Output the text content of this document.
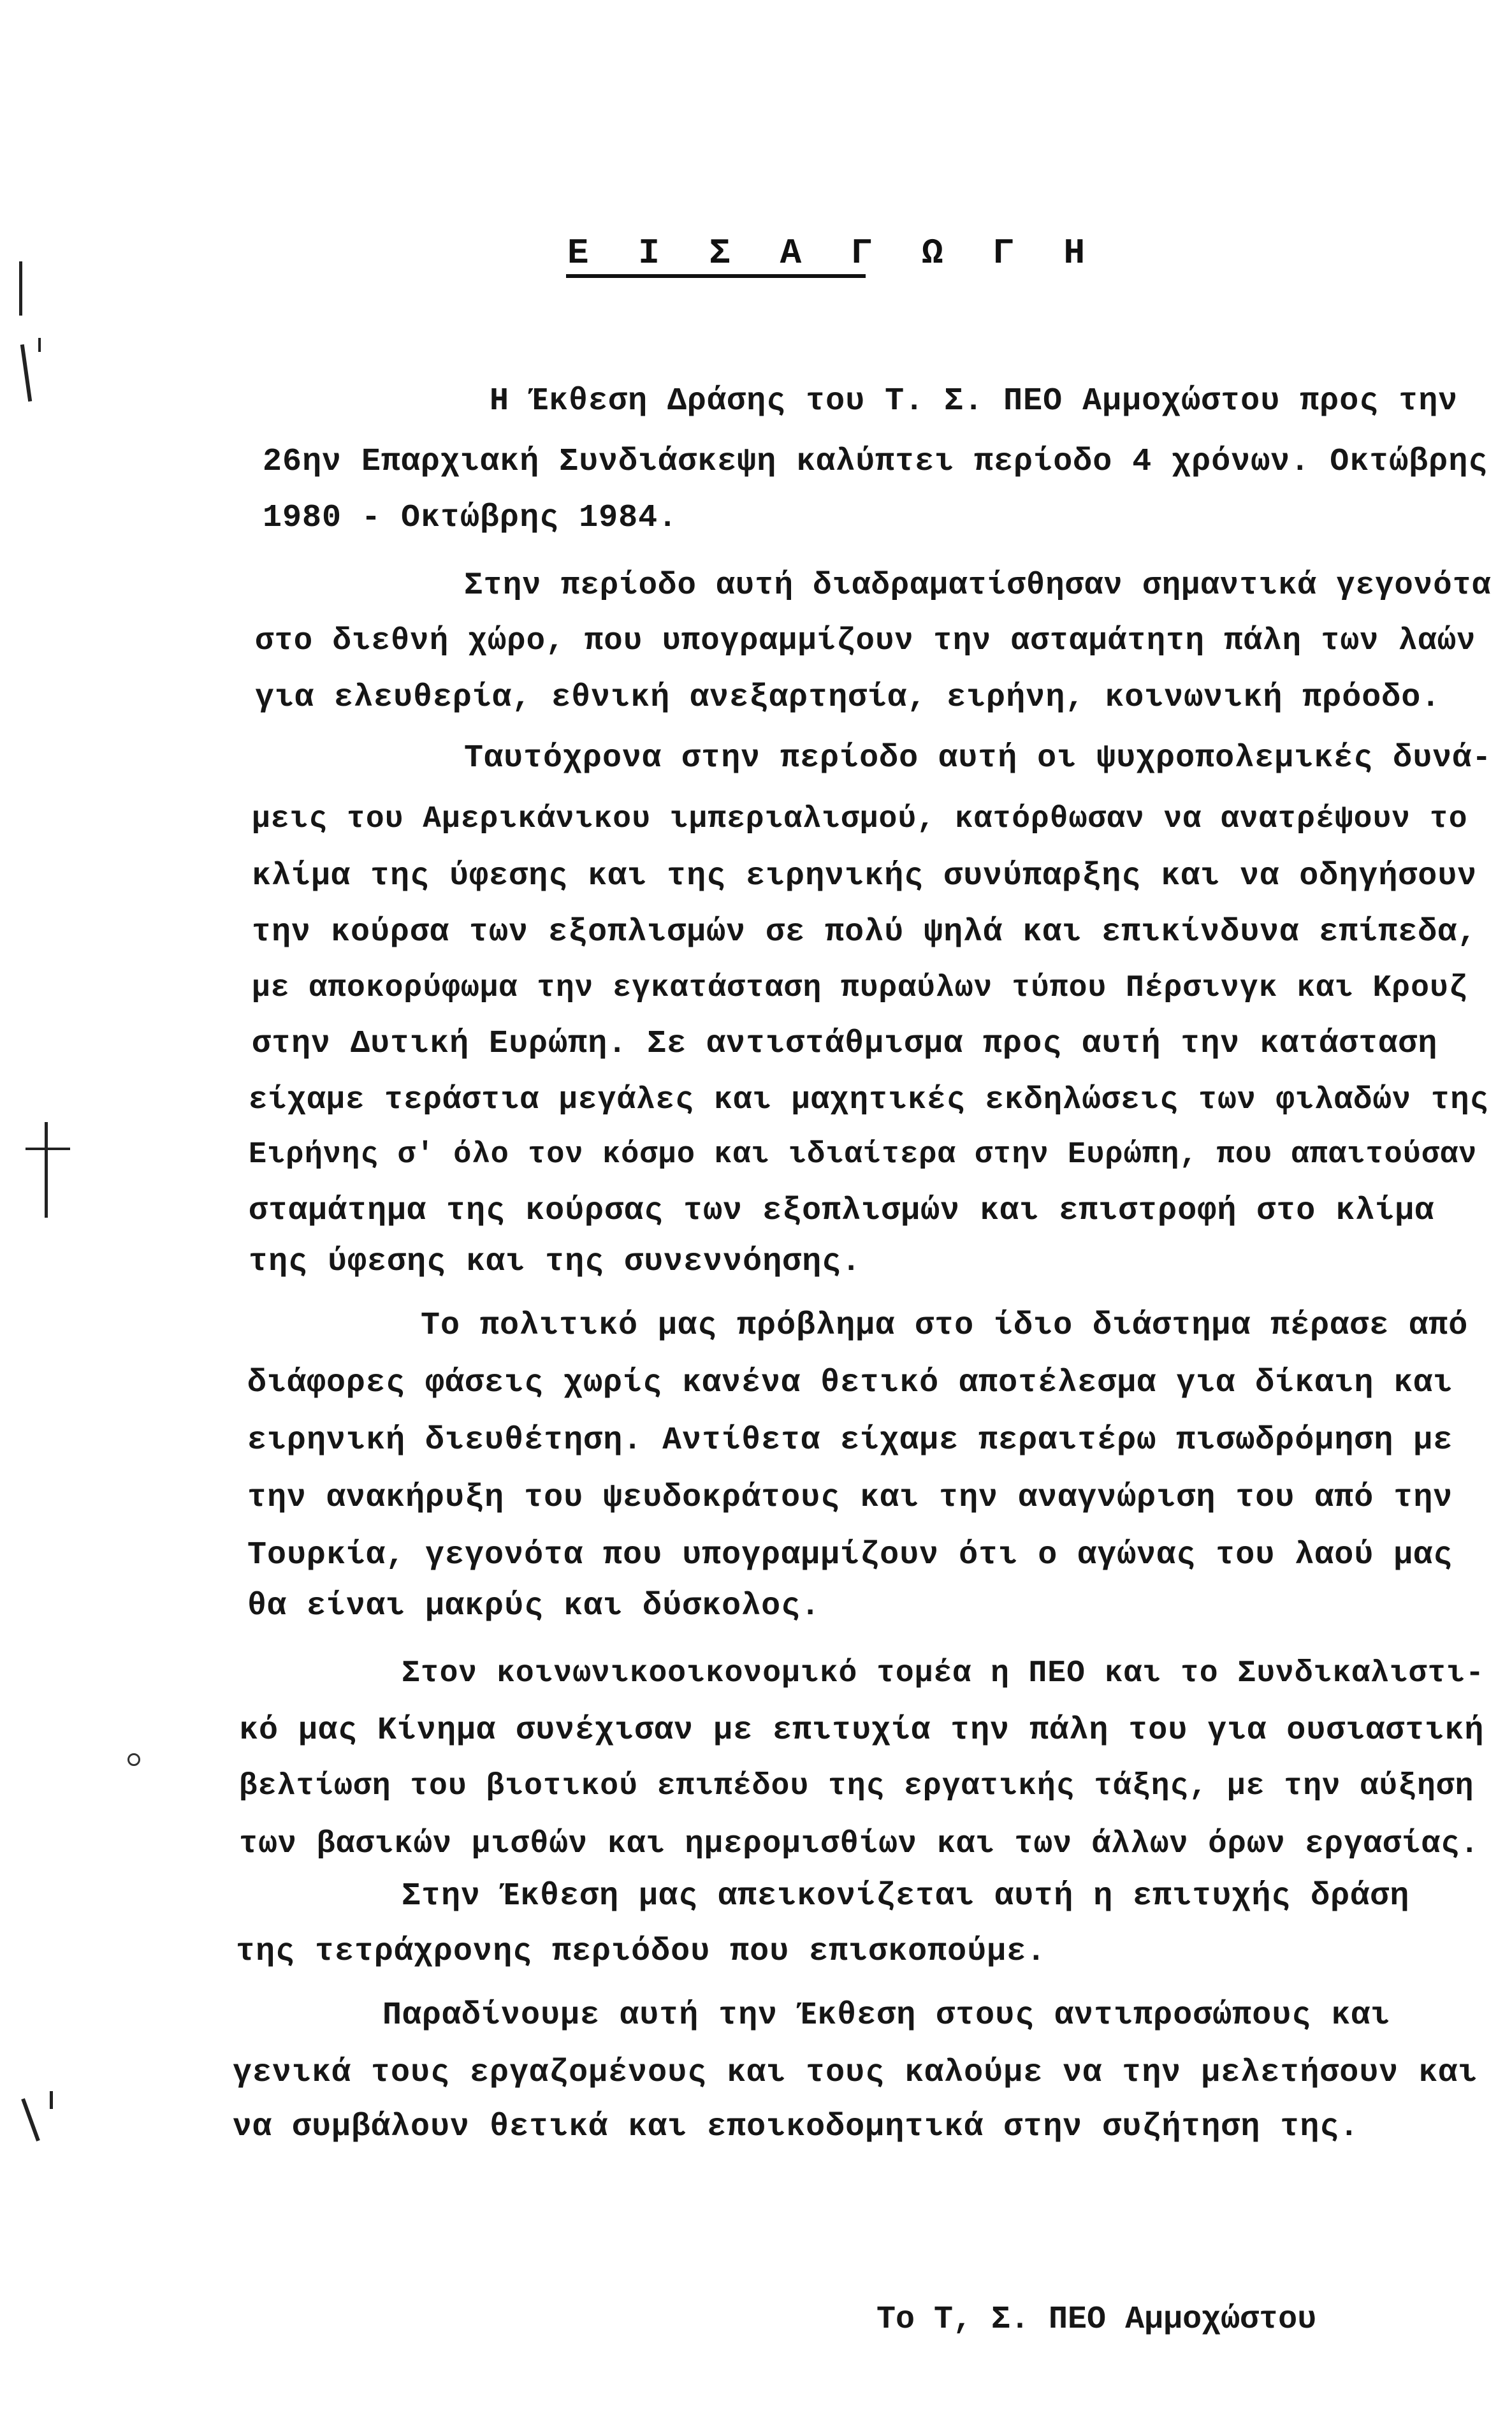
Ε Ι Σ Α Γ Ω Γ Η
Η Έκθεση Δράσης του Τ. Σ. ΠΕΟ Αμμοχώστου προς την
26ην Επαρχιακή Συνδιάσκεψη καλύπτει περίοδο 4 χρόνων. Οκτώβρης
1980 - Οκτώβρης 1984.
Στην περίοδο αυτή διαδραματίσθησαν σημαντικά γεγονότα
στο διεθνή χώρο, που υπογραμμίζουν την ασταμάτητη πάλη των λαών
για ελευθερία, εθνική ανεξαρτησία, ειρήνη, κοινωνική πρόοδο.
Ταυτόχρονα στην περίοδο αυτή οι ψυχροπολεμικές δυνά-
μεις του Αμερικάνικου ιμπεριαλισμού, κατόρθωσαν να ανατρέψουν το
κλίμα της ύφεσης και της ειρηνικής συνύπαρξης και να οδηγήσουν
την κούρσα των εξοπλισμών σε πολύ ψηλά και επικίνδυνα επίπεδα,
με αποκορύφωμα την εγκατάσταση πυραύλων τύπου Πέρσινγκ και Κρουζ
στην Δυτική Ευρώπη. Σε αντιστάθμισμα προς αυτή την κατάσταση
είχαμε τεράστια μεγάλες και μαχητικές εκδηλώσεις των φιλαδών της
Ειρήνης σ' όλο τον κόσμο και ιδιαίτερα στην Ευρώπη, που απαιτούσαν
σταμάτημα της κούρσας των εξοπλισμών και επιστροφή στο κλίμα
της ύφεσης και της συνεννόησης.
Το πολιτικό μας πρόβλημα στο ίδιο διάστημα πέρασε από
διάφορες φάσεις χωρίς κανένα θετικό αποτέλεσμα για δίκαιη και
ειρηνική διευθέτηση. Αντίθετα είχαμε περαιτέρω πισωδρόμηση με
την ανακήρυξη του ψευδοκράτους και την αναγνώριση του από την
Τουρκία, γεγονότα που υπογραμμίζουν ότι ο αγώνας του λαού μας
θα είναι μακρύς και δύσκολος.
Στον κοινωνικοοικονομικό τομέα η ΠΕΟ και το Συνδικαλιστι-
κό μας Κίνημα συνέχισαν με επιτυχία την πάλη του για ουσιαστική
βελτίωση του βιοτικού επιπέδου της εργατικής τάξης, με την αύξηση
των βασικών μισθών και ημερομισθίων και των άλλων όρων εργασίας.
Στην Έκθεση μας απεικονίζεται αυτή η επιτυχής δράση
της τετράχρονης περιόδου που επισκοπούμε.
Παραδίνουμε αυτή την Έκθεση στους αντιπροσώπους και
γενικά τους εργαζομένους και τους καλούμε να την μελετήσουν και
να συμβάλουν θετικά και εποικοδομητικά στην συζήτηση της.
Το Τ, Σ. ΠΕΟ Αμμοχώστου
